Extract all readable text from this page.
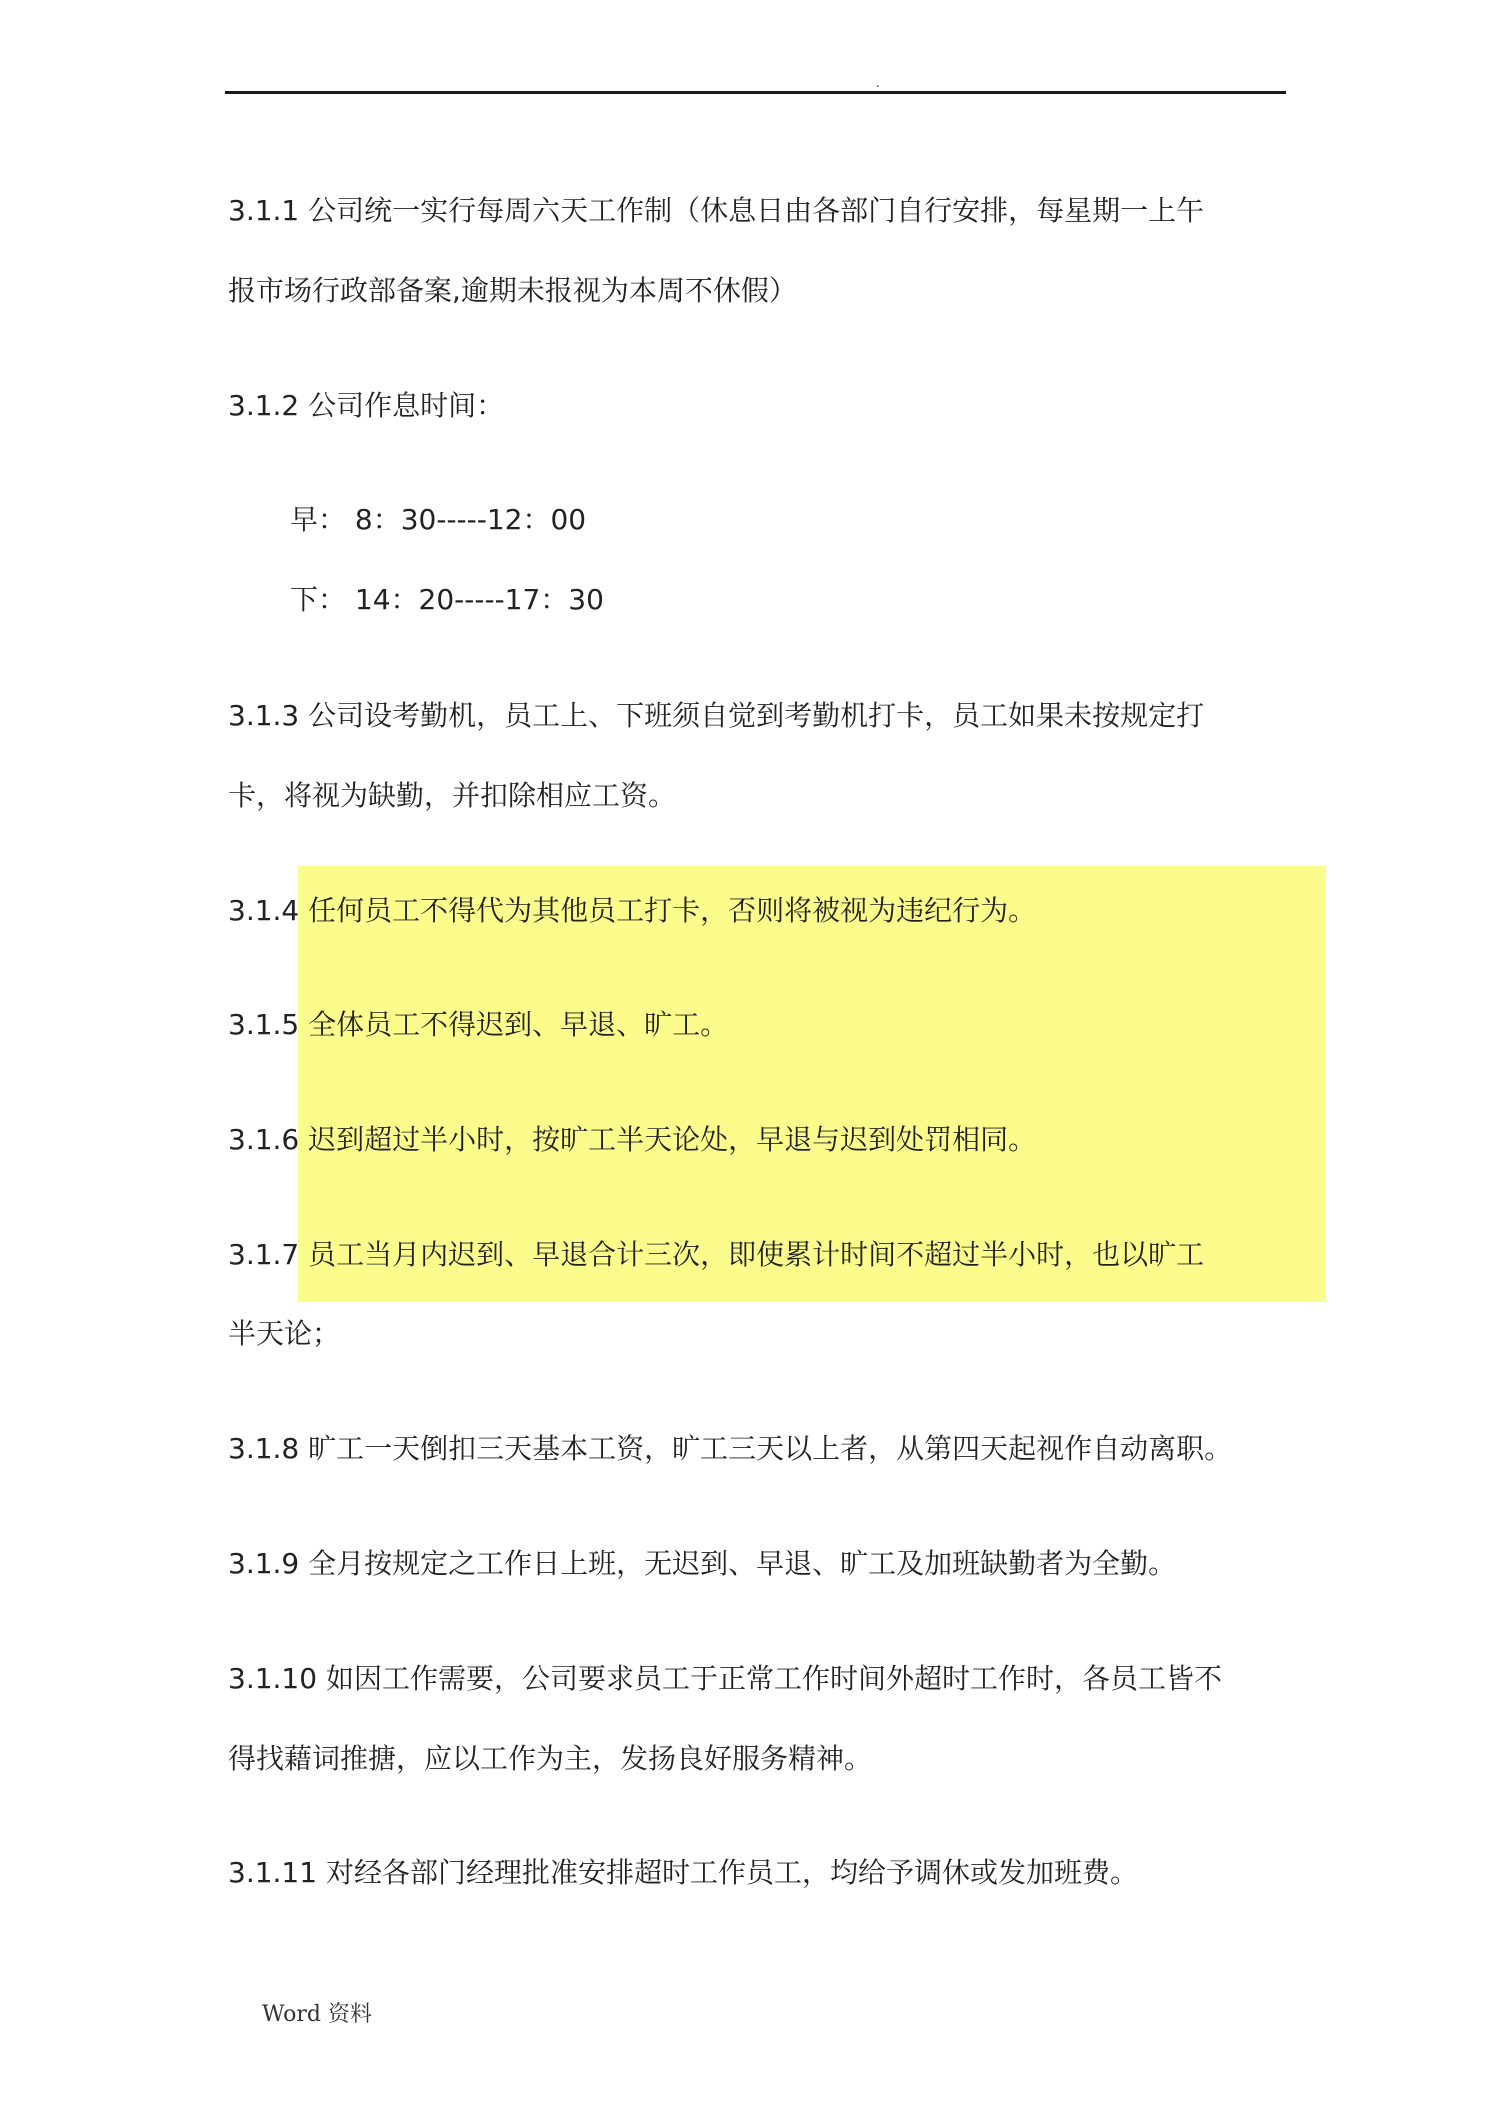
.
3.1.1 公司统一实行每周六天工作制（休息日由各部门自行安排，每星期一上午
报市场行政部备案,逾期未报视为本周不休假）
3.1.2 公司作息时间：
早： 8：30-----12：00
下： 14：20-----17：30
3.1.3 公司设考勤机，员工上、下班须自觉到考勤机打卡，员工如果未按规定打
卡，将视为缺勤，并扣除相应工资。
3.1.4 任何员工不得代为其他员工打卡，否则将被视为违纪行为。
3.1.5 全体员工不得迟到、早退、旷工。
3.1.6 迟到超过半小时，按旷工半天论处，早退与迟到处罚相同。
3.1.7 员工当月内迟到、早退合计三次，即使累计时间不超过半小时，也以旷工
半天论；
3.1.8 旷工一天倒扣三天基本工资，旷工三天以上者，从第四天起视作自动离职。
3.1.9 全月按规定之工作日上班，无迟到、早退、旷工及加班缺勤者为全勤。
3.1.10 如因工作需要，公司要求员工于正常工作时间外超时工作时，各员工皆不
得找藉词推搪，应以工作为主，发扬良好服务精神。
3.1.11 对经各部门经理批准安排超时工作员工，均给予调休或发加班费。
Word 资料
